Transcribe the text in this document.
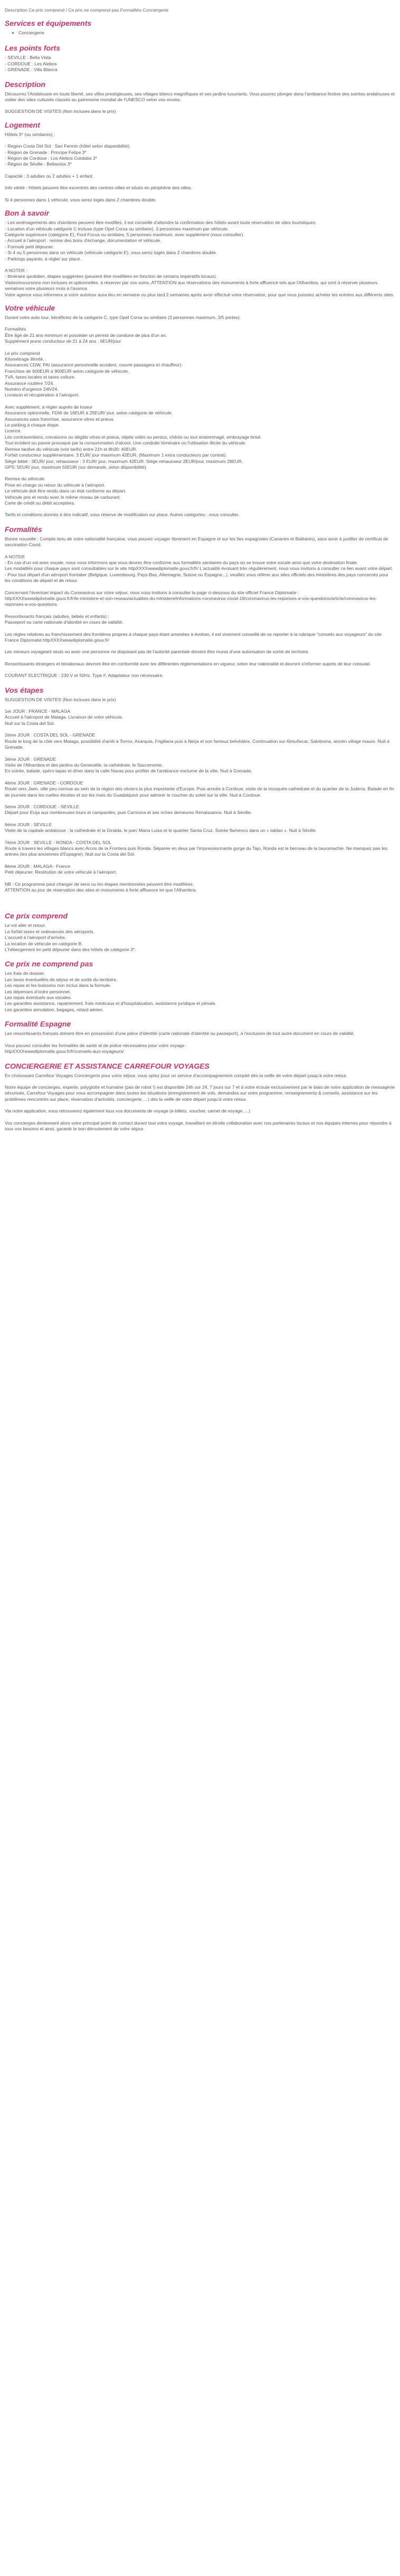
Description Ce prix comprend / Ce prix ne comprend pas Formalités Conciergerie

Services et équipements
• Conciergerie
Les points forts

- SEVILLE : Bella Vista

- CORDOUE : Les Alebos

- GRENADE : Villa Blanca

Description

Découvrez l'Andalousie en toute liberté, ses villes prestigieuses, ses villages blancs magnifiques et ses jardins luxuriants. Vous pourrez plonger dans l'ambiance festive des soirées andalouses et visiter des sites culturels classés au patrimoine mondial de l'UNESCO selon vos envies.

SUGGESTION DE VISITES (Non incluses dans le prix)

Logement

Hôtels 3* (ou similaires) :

- Region Costa Del Sol : San Fermin (hôtel selon disponibilité).

- Région de Grenade : Principe Felipe 3*

- Région de Cordoue : Los Alebos Cordoba 3*

- Région de Séville : Bellavista 3*

Capacité : 3 adultes ou 2 adultes + 1 enfant.

Info vérité : Hôtels peuvent être excentrés des centres-villes et situés en périphérie des villes.

Si 4 personnes dans 1 véhicule, vous serez logés dans 2 chambres double.

Bon à savoir

- Les aménagements des chambres peuvent être modifiés, il est conseillé d'attendre la confirmation des hôtels avant toute réservation de sites touristiques.
- Location d'un véhicule catégorie C incluse (type Opel Corsa ou similaire). 3 personnes maximum par véhicule.
Catégorie supérieure (catégorie E), Ford Focus ou similaire, 5 personnes maximum, avec supplément (nous consulter).
- Accueil à l'aéroport : remise des bons d'échange, documentation et véhicule.
- Formule petit déjeuner.
- Si 4 ou 5 personnes dans un véhicule (véhicule catégorie E), vous serez logés dans 2 chambres double.
- Parkings payants, à régler sur place.

A NOTER :
- Itinéraire quotidien, étapes suggérées (peuvent être modifiées en fonction de certains impératifs locaux).
Visites/excursions non incluses et optionnelles, à réserver par vos soins. ATTENTION aux réservations des monuments à forte affluence tels que l'Alhambra, qui sont à réserver plusieurs semaines voire plusieurs mois à l'avance.
Votre agence vous informera si votre autotour aura lieu en semaine ou plus tard 2 semaines après avoir effectué votre réservation, pour que vous puissiez acheter les entrées aux différents sites.

Votre véhicule

Durant votre auto tour, bénéficiez de la catégorie C, type Opel Corsa ou similaire (3 personnes maximum, 3/5 portes).

Formalités
Être âgé de 21 ans minimum et posséder un permis de conduire de plus d'un an.
Supplément jeune conducteur de 21 à 24 ans : 6EUR/jour

Le prix comprend
Kilométrage illimité.
Assurances CDW, PAI (assurance personnelle accident, couvre passagers et chauffeur).
Franchise de 600EUR à 900EUR selon catégorie de véhicule.
TVA, taxes locales et taxes voiture.
Assurance routière 7/24.
Numéro d'urgence 24h/24.
Livraison et récupération à l'aéroport.

Avec supplément, à régler auprès de loueur
Assurance optionnelle, FDW de 16EUR à 25EUR/ jour, selon catégorie de véhicule.
Assurances sans franchise, assurance vitres et pneus.
Le parking à chaque étape.
Licence.
Les contraventions, crevaisons ou dégâts vitres et pneus, objets volés ou perdus, chéois ou tout endommagé, embrayage brisé.
Tout incident ou panne provoqué par la consommation d'alcool. Une conduite téméraire ou l'utilisation illicite du véhicule.
Remise tardive du véhicule (voir tarifs) entre 21h et 8h30: 40EUR.
Forfait conducteur supplémentaire: 3 EUR/ jour maximum 42EUR. (Maximum 1 extra conducteurs par contrat).
Siège bébé : 3EUR/ jour, rehausseur : 3 EUR/ jour, maximum 42EUR. Siège rehausseur 2EUR/jour, maximum 28EUR.
GPS: 5EUR/ jour, maximum 50EUR (sur demande, selon disponibilité).

Remise du véhicule
Prise en charge ou retour du véhicule à l'aéroport.
Le véhicule doit être rendu dans un état conforme au départ.
Véhicule pris et rendu avec le même niveau de carburant.
Carte de crédit ou débit acceptées.

Tarifs et conditions donnés à titre indicatif, sous réserve de modification sur place. Autres catégories : nous consulter.

Formalités

Bonne nouvelle : Compte tenu de votre nationalité française, vous pouvez voyager librement en Espagne et sur les îles espagnoles (Canaries et Baléares), sans avoir à justifier de certificat de vaccination Covid.

A NOTER
- En cas d'un vol avec escale, nous vous informons que vous devrez être conforme aux formalités sanitaires du pays où se trouve votre escale ainsi que votre destination finale.
Les modalités pour chaque pays sont consultables sur le site httpXXXXwwwdiplomatie.gouv.fr/fr/ L'actualité évoluant très régulièrement, nous vous invitons à consulter ce lien avant votre départ.
- Pour tout départ d'un aéroport frontalier (Belgique, Luxembourg, Pays-Bas, Allemagne, Suisse ou Espagne...), veuillez vous référer aux sites officiels des ministères des pays concernés pour les conditions de départ et de retour.

Concernant l'éventuel impact du Coronavirus sur votre séjour, nous vous invitons à consulter la page ci-dessous du site officiel France Diplomatie :
httpXXXXwwwdiplomatie.gouv.fr/fr/le-ministere-et-son-reseau/actualites-du-ministere/informations-coronavirus-covid-19/coronavirus-les-reponses-a-vos-questions/article/coronavirus-les-reponses-a-vos-questions

Ressortissants français (adultes, bébés et enfants) :
Passeport ou carte nationale d'identité en cours de validité.

Les règles relatives au franchissement des frontières propres à chaque pays étant amenées à évoluer, il est vivement conseillé de se reporter à la rubrique "conseils aux voyageurs" du site France Diplomatie:httpXXXXwwwdiplomatie.gouv.fr/

Les mineurs voyageant seuls ou avec une personne ne disposant pas de l'autorité parentale doivent être munis d'une autorisation de sortie de territoire.

Ressortissants étrangers et binationaux devront être en conformité avec les différentes réglementations en vigueur, selon leur nationalité et devront s'informer auprès de leur consulat.

COURANT ELECTRIQUE : 230 V et 50Hz. Type F. Adaptateur non nécessaire.

Vos étapes

SUGGESTION DE VISITES (Non incluses dans le prix)

1er JOUR : FRANCE - MALAGA
Accueil à l'aéroport de Malaga. Livraison de votre véhicule.
Nuit sur la Costa del Sol.

2ème JOUR : COSTA DEL SOL - GRENADE
Route le long de la côte vers Malaga, possibilité d'arrêt à Torrox, Axarquia, Frigiliana puis à Nerja et son fameux belvédère. Continuation sur Almuñecar, Salobrena, ancien village maure. Nuit à Grenade.

3ème JOUR : GRENADE
Visite de l'Alhambra et des jardins du Generalife, la cathédrale, le Sacromonte.
En soirée, balade, spéro-tapas et dîner dans la calle Navas pour profiter de l'ambiance nocturne de la ville. Nuit à Grenade.

4ème JOUR : GRENADE - CORDOUE
Route vers Jaen, ville peu connue au sein de la région des oliviers la plus importante d'Europe. Puis arrivée à Cordoue, visite de la mosquée-cathédrale et du quartier de la Judería. Balade en fin de journée dans les ruelles étroites et sur les rives du Guadalquivir pour admirer le coucher du soleil sur la ville. Nuit à Cordoue.

5ème JOUR : CORDOUE - SEVILLE
Départ pour Ecija aux nombreuses tours et campaniles, puis Carmona et ses riches demeures Renaissance. Nuit à Séville.

6ème JOUR : SEVILLE
Visite de la capitale andalouse : la cathédrale et la Giralda, le parc Maria Luisa et le quartier Santa Cruz. Soirée flamenco dans un « tablao ». Nuit à Séville.

7ème JOUR : SEVILLE - RONDA - COSTA DEL SOL
Route à travers les villages blancs avec Arcos de la Frontera puis Ronda. Séparée en deux par l'impressionnante gorge du Tajo, Ronda est le berceau de la tauromachie. Ne manquez pas les arènes (les plus anciennes d'Espagne). Nuit sur la Costa del Sol.

8ème JOUR : MALAGA - France
Petit déjeuner. Restitution de votre véhicule à l'aéroport.

NB : Ce programme peut changer de sens ou les étapes mentionnées peuvent être modifiées.
ATTENTION au jour de réservation des sites et monuments à forte affluence tel que l'Alhambra.

Ce prix comprend

Le vol aller et retour.
Le forfait taxes et redevances des aéroports.
L'accueil à l'aéroport d'arrivée.
La location de véhicule en catégorie B.
L'hébergement en petit déjeuner dans des hôtels de catégorie 3*.

Ce prix ne comprend pas

Les frais de dossier.
Les taxes éventuelles de séjour et de sortie du territoire.
Les repas et les boissons non inclus dans la formule.
Les dépenses d'ordre personnel.
Les repas éventuels aux escales.
Les garanties assistance, rapatriement, frais médicaux et d'hospitalisation, assistance juridique et pénale.
Les garanties annulation, bagages, retard aérien.

Formalité Espagne

Les ressortissants français doivent être en possession d'une pièce d'identité (carte nationale d'identité ou passeport), à l'exclusion de tout autre document en cours de validité.

Vous pouvez consulter les formalités de santé et de police nécessaires pour votre voyage :
httpXXXXwwwdiplomatie.gouv.fr/fr/conseils-aux-voyageurs/

CONCIERGERIE ET ASSISTANCE CARREFOUR VOYAGES

En choisissant Carrefour Voyages Conciergerie pour votre séjour, vous optez pour un service d'accompagnement complet dès la veille de votre départ jusqu'à votre retour.

Notre équipe de concierges, experte, polyglotte et humaine (pas de robot !) est disponible 24h sur 24, 7 jours sur 7 et à votre écoute exclusivement par le biais de notre application de messagerie sécurisée, Carrefour Voyages pour vous accompagner dans toutes les situations (enregistrement de vols, demandes sur votre programme, renseignements & conseils, assistance sur les problèmes rencontrés sur place, réservation d'activités, conciergerie, ...) dès la veille de votre départ jusqu'à votre retour.

Via notre application, vous retrouverez également tous vos documents de voyage (e-billets, voucher, carnet de voyage, ...)

Vos concierges deviennent alors votre principal point de contact durant tout votre voyage, travaillant en étroite collaboration avec nos partenaires locaux et nos équipes internes pour répondre à tous vos besoins et ainsi, garantir le bon déroulement de votre séjour.
